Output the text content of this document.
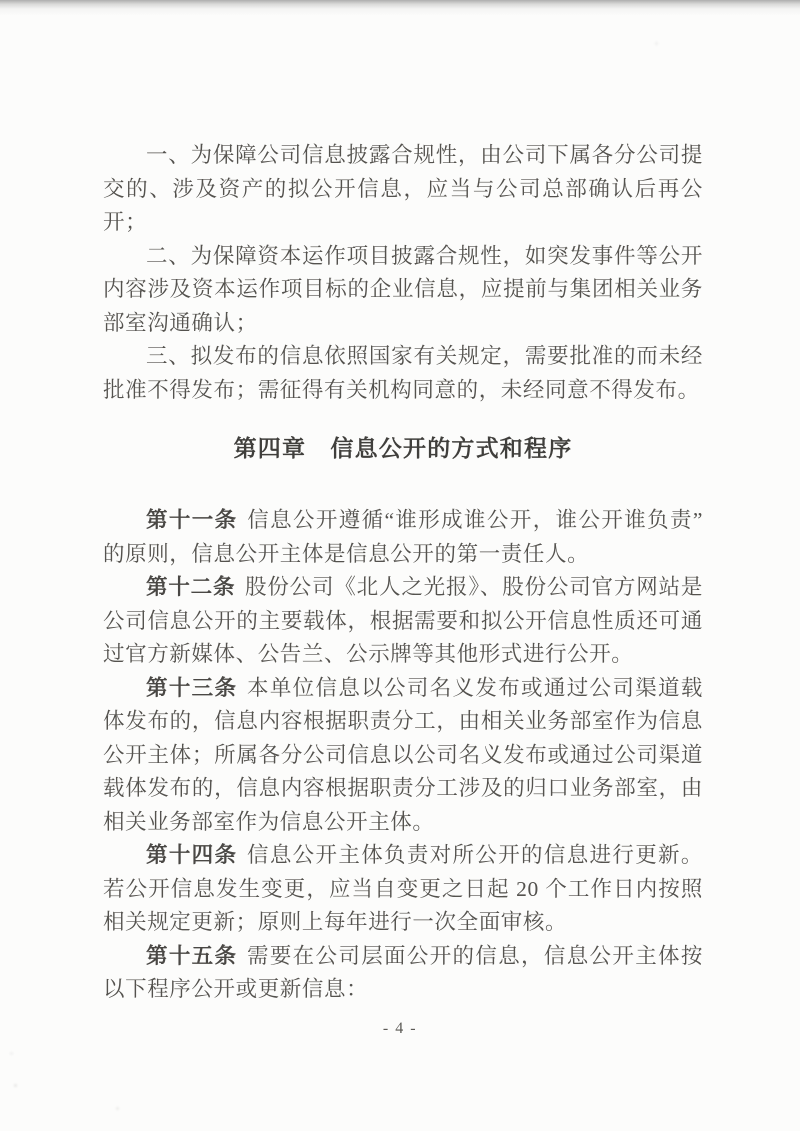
一、为保障公司信息披露合规性，由公司下属各分公司提交的、涉及资产的拟公开信息，应当与公司总部确认后再公开；

二、为保障资本运作项目披露合规性，如突发事件等公开内容涉及资本运作项目标的企业信息，应提前与集团相关业务部室沟通确认；

三、拟发布的信息依照国家有关规定，需要批准的而未经批准不得发布；需征得有关机构同意的，未经同意不得发布。

第四章　信息公开的方式和程序

第十一条 信息公开遵循“谁形成谁公开，谁公开谁负责”的原则，信息公开主体是信息公开的第一责任人。

第十二条 股份公司《北人之光报》、股份公司官方网站是公司信息公开的主要载体，根据需要和拟公开信息性质还可通过官方新媒体、公告兰、公示牌等其他形式进行公开。

第十三条 本单位信息以公司名义发布或通过公司渠道载体发布的，信息内容根据职责分工，由相关业务部室作为信息公开主体；所属各分公司信息以公司名义发布或通过公司渠道载体发布的，信息内容根据职责分工涉及的归口业务部室，由相关业务部室作为信息公开主体。

第十四条 信息公开主体负责对所公开的信息进行更新。若公开信息发生变更，应当自变更之日起 20 个工作日内按照相关规定更新；原则上每年进行一次全面审核。

第十五条 需要在公司层面公开的信息，信息公开主体按以下程序公开或更新信息：

- 4 -
